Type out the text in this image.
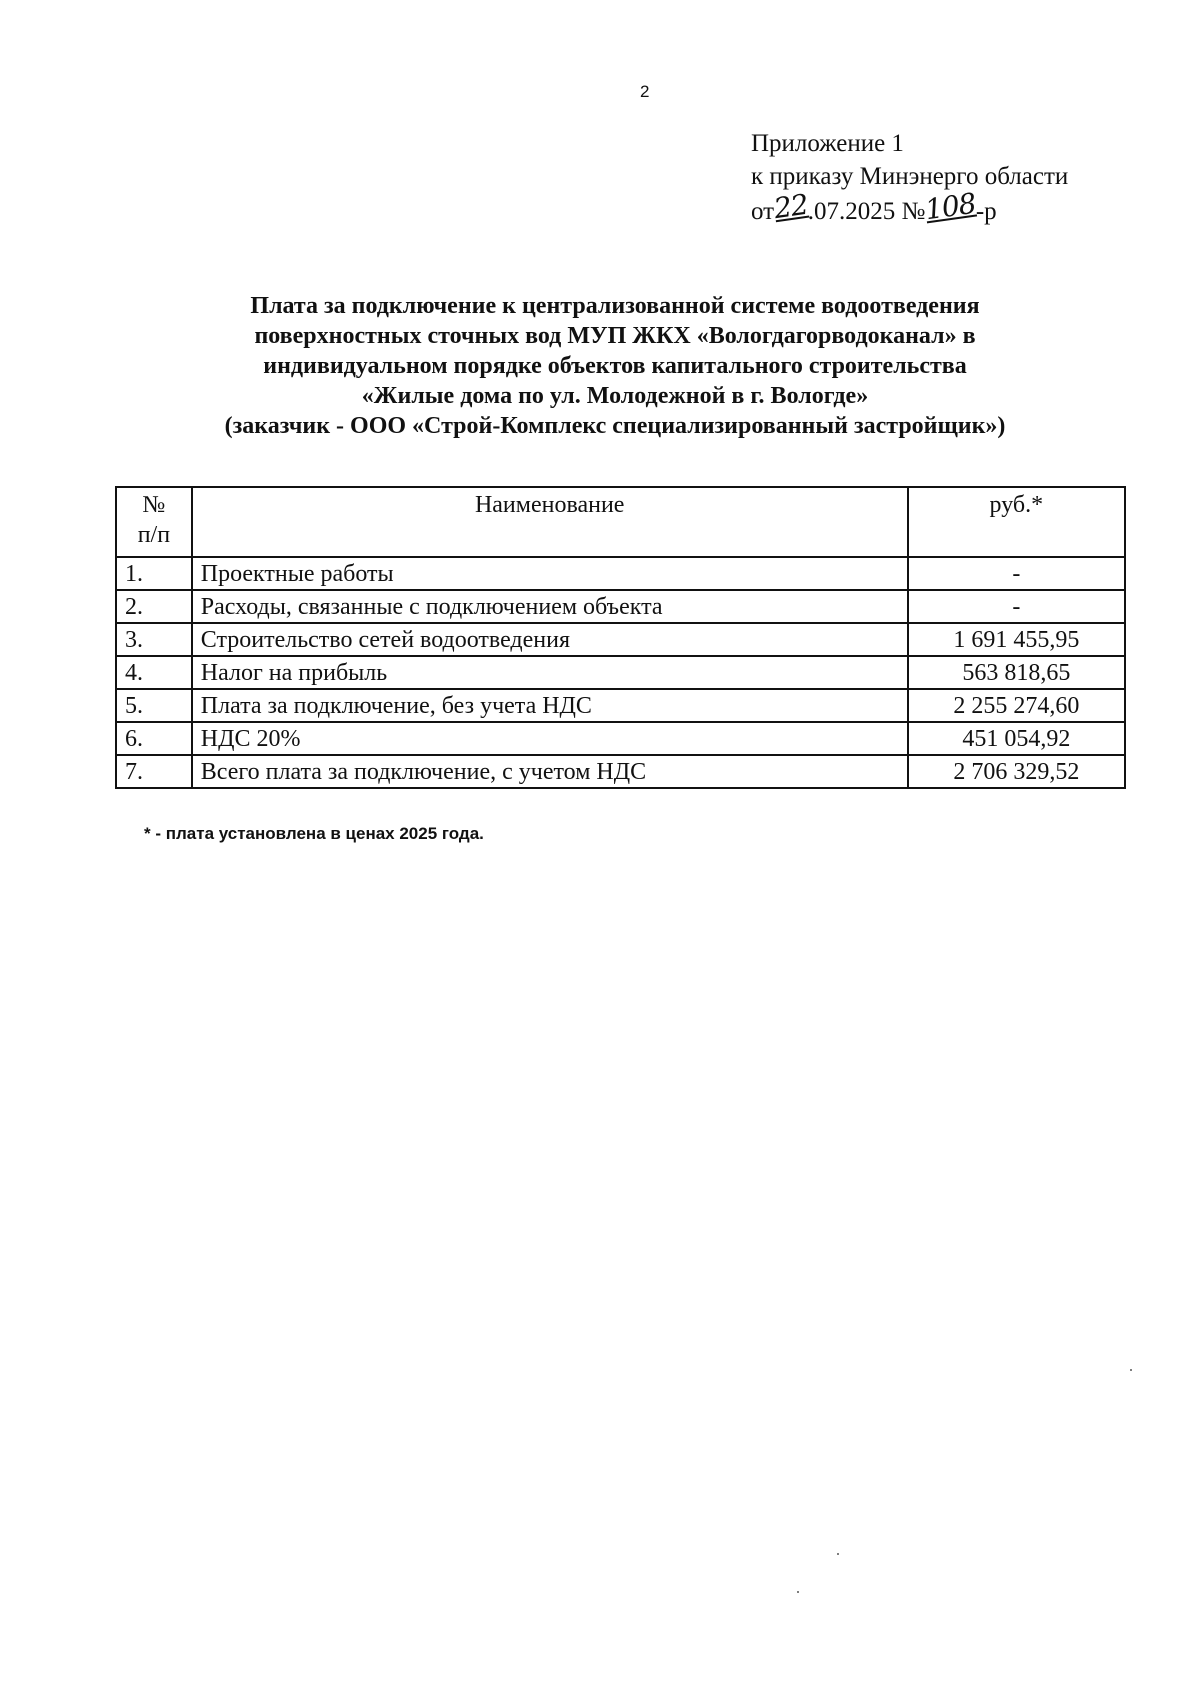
2
Приложение 1
к приказу Минэнерго области
от22.07.2025 №108-р
Плата за подключение к централизованной системе водоотведения
поверхностных сточных вод МУП ЖКХ «Вологдагорводоканал» в
индивидуальном порядке объектов капитального строительства
«Жилые дома по ул. Молодежной в г. Вологде»
(заказчик - ООО «Строй-Комплекс специализированный застройщик»)
№
п/п	Наименование	руб.*
1.	Проектные работы	-
2.	Расходы, связанные с подключением объекта	-
3.	Строительство сетей водоотведения	1 691 455,95
4.	Налог на прибыль	563 818,65
5.	Плата за подключение, без учета НДС	2 255 274,60
6.	НДС 20%	451 054,92
7.	Всего плата за подключение, с учетом НДС	2 706 329,52
* - плата установлена в ценах 2025 года.
